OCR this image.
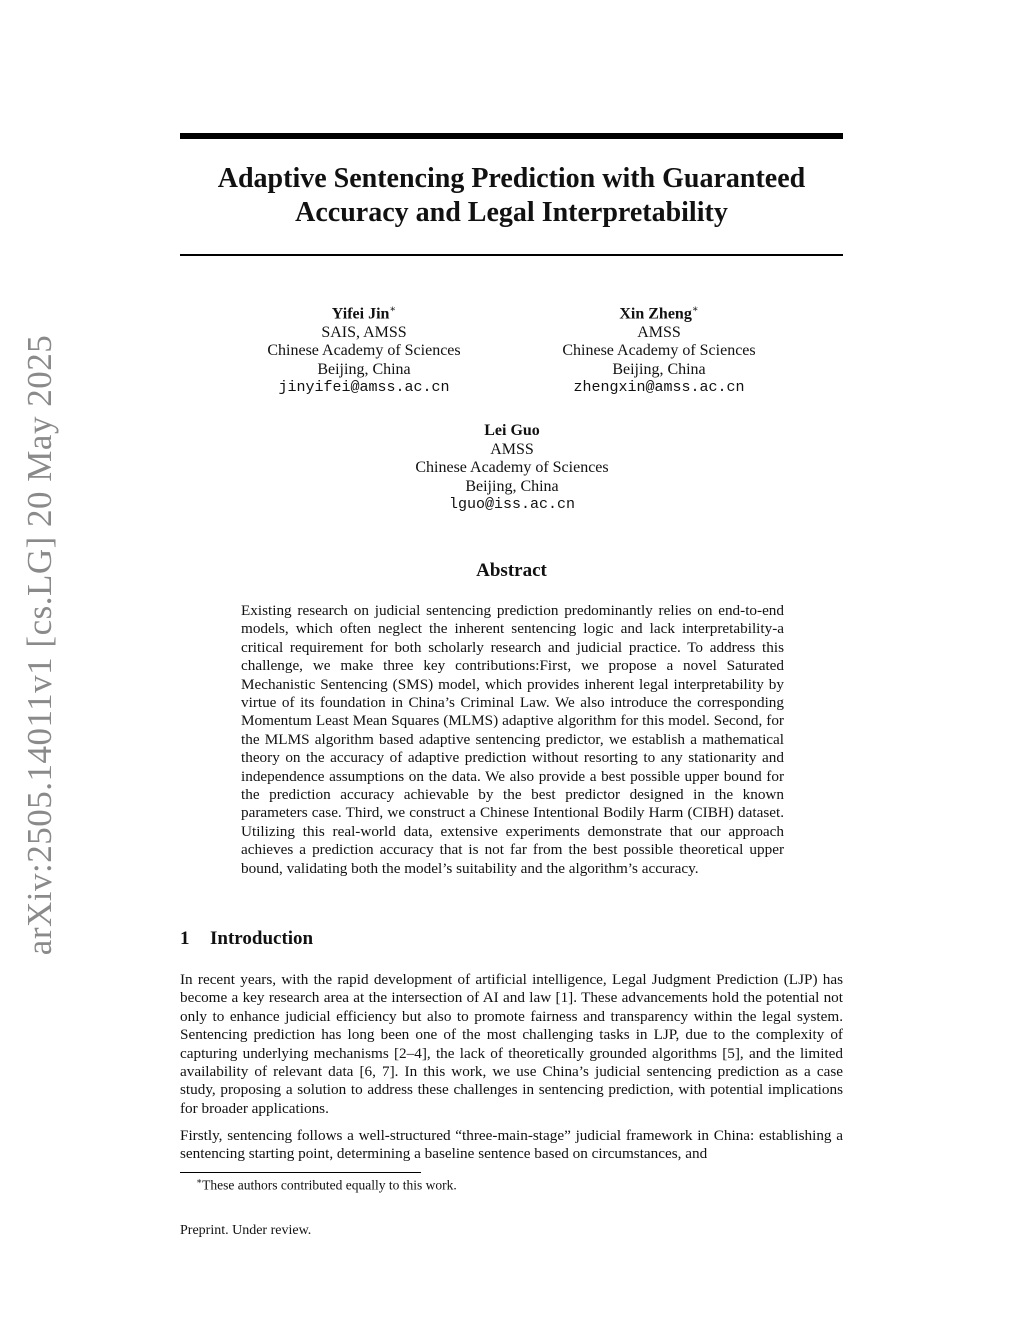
arXiv:2505.14011v1 [cs.LG] 20 May 2025
Adaptive Sentencing Prediction with Guaranteed
Accuracy and Legal Interpretability
Yifei Jin∗
SAIS, AMSS
Chinese Academy of Sciences
Beijing, China
jinyifei@amss.ac.cn
Xin Zheng∗
AMSS
Chinese Academy of Sciences
Beijing, China
zhengxin@amss.ac.cn
Lei Guo
AMSS
Chinese Academy of Sciences
Beijing, China
lguo@iss.ac.cn
Abstract

Existing research on judicial sentencing prediction predominantly relies on end-to-end models, which often neglect the inherent sentencing logic and lack interpretability-a critical requirement for both scholarly research and judicial practice. To address this challenge, we make three key contributions:First, we propose a novel Saturated Mechanistic Sentencing (SMS) model, which provides inherent legal interpretability by virtue of its foundation in China’s Criminal Law. We also introduce the corresponding Momentum Least Mean Squares (MLMS) adaptive algorithm for this model. Second, for the MLMS algorithm based adaptive sentencing predictor, we establish a mathematical theory on the accuracy of adaptive prediction without resorting to any stationarity and independence assumptions on the data. We also provide a best possible upper bound for the prediction accuracy achievable by the best predictor designed in the known parameters case. Third, we construct a Chinese Intentional Bodily Harm (CIBH) dataset. Utilizing this real-world data, extensive experiments demonstrate that our approach achieves a prediction accuracy that is not far from the best possible theoretical upper bound, validating both the model’s suitability and the algorithm’s accuracy.

1 Introduction

In recent years, with the rapid development of artificial intelligence, Legal Judgment Prediction (LJP) has become a key research area at the intersection of AI and law [1]. These advancements hold the potential not only to enhance judicial efficiency but also to promote fairness and transparency within the legal system. Sentencing prediction has long been one of the most challenging tasks in LJP, due to the complexity of capturing underlying mechanisms [2–4], the lack of theoretically grounded algorithms [5], and the limited availability of relevant data [6, 7]. In this work, we use China’s judicial sentencing prediction as a case study, proposing a solution to address these challenges in sentencing prediction, with potential implications for broader applications.

Firstly, sentencing follows a well-structured “three-main-stage” judicial framework in China: establishing a sentencing starting point, determining a baseline sentence based on circumstances, and

∗These authors contributed equally to this work.
Preprint. Under review.
